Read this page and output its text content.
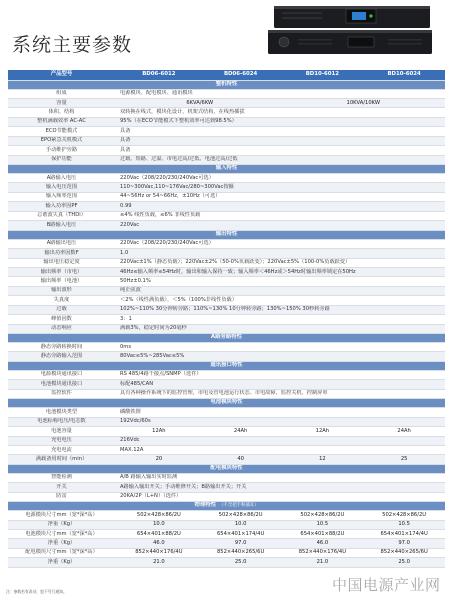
系统主要参数
产品型号	BD06-6012	BD06-6024	BD10-6012	BD10-6024
整机特性
组成	电源模块、配电模块、通讯模块
容量	6KVA/6KW	10KVA/10KW
体积、结构	双转换在线式，模块化设计，机架式结构，在线热插拔
整机满载效率 AC-AC	95%（在ECO节能模式下整机效率可达到98.5%）
ECO节能模式	具备
EPO紧急关机模式	具备
手动维护旁路	具备
保护功能	过载、短路、过温、市电过高/过低、电池过高/过低
输入特性
A路输入电压	220Vac（208/220/230/240Vac可选）
输入电压范围	110~300Vac,110~176Vac/280~300Vac按额
输入频率范围	44~56Hz or 54~66Hz，±10Hz（可选）
输入功率因PF	0.99
总谐波失真（THDi）	≤4% 线性负载，≤6% 非线性负载
B路输入电压	220Vac
输出特性
A路输出电压	220Vac（208/220/230/240Vac可选）
输出功率因数F	1.0
输出电压稳定度	220Vac±1%（静态负载）；220Vac±2%（50-0%负载跃变）；220Vac±5%（100-0%负载跃变）
输出频率（市电）	46Hz≤输入频率≤54Hz时，输出和输入保持一致；输入频率＜46Hz或＞54Hz时输出频率锁定在50Hz
输出频率（电池）	50Hz±0.1%
输出波形	纯正弦波
失真度	＜2%（线性满负载），＜5%（100%非线性负载）
过载	102%~110% 30分钟转旁路；110%~130% 10分钟转旁路；130%~150% 30秒转旁路
峰值因数	3：1
动态响应	满载3%，稳定时间为20毫秒
A路旁路特性
静态旁路转换时间	0ms
静态旁路输入范围	80Vac≤5%~285Vac≤5%
通讯接口特性
电源模块通讯接口	RS 485/4路干接点/SNMP（选件）
电池模块通讯接口	标配485/CAN
监控软件	具有各种操作系统下的监控管理，市电及管电池运行状态、市电故障、监控关机、控制屏单
电池模块特性
电池模块类型	磷酸铁锂
电池标称电压/电芯数	192Vdc/60s
电池容量	12Ah	24Ah	12Ah	24Ah
充电电压	216Vdc
充电电流	MAX.12A
满载备用时间（min）	20	40	12	25
配电模块特性
智能检测	A/B 路输入输出实时监测
开关	A路输入输出开关；手动维修开关；B路输出开关；开关
防雷	20KA/2P（L+N）（选件）
物理特性 （不含把手和插耳）
电源模块尺寸mm（宽*深*高）	502×428×86/2U	502×428×86/2U	502×428×86/2U	502×428×86/2U
净重（Kg）	10.0	10.0	10.5	10.5
电池模块尺寸mm（宽*深*高）	654×401×88/2U	654×401×174/4U	654×401×88/2U	654×401×174/4U
净重（Kg）	46.0	97.0	46.0	97.0
配电模块尺寸mm（宽*深*高）	852×440×176/4U	852×440×265/6U	852×440×176/4U	852×440×265/6U
净重（Kg）	21.0	25.0	21.0	25.0
注：参数若有改动，恕不另行通知。	中国电源产业网
